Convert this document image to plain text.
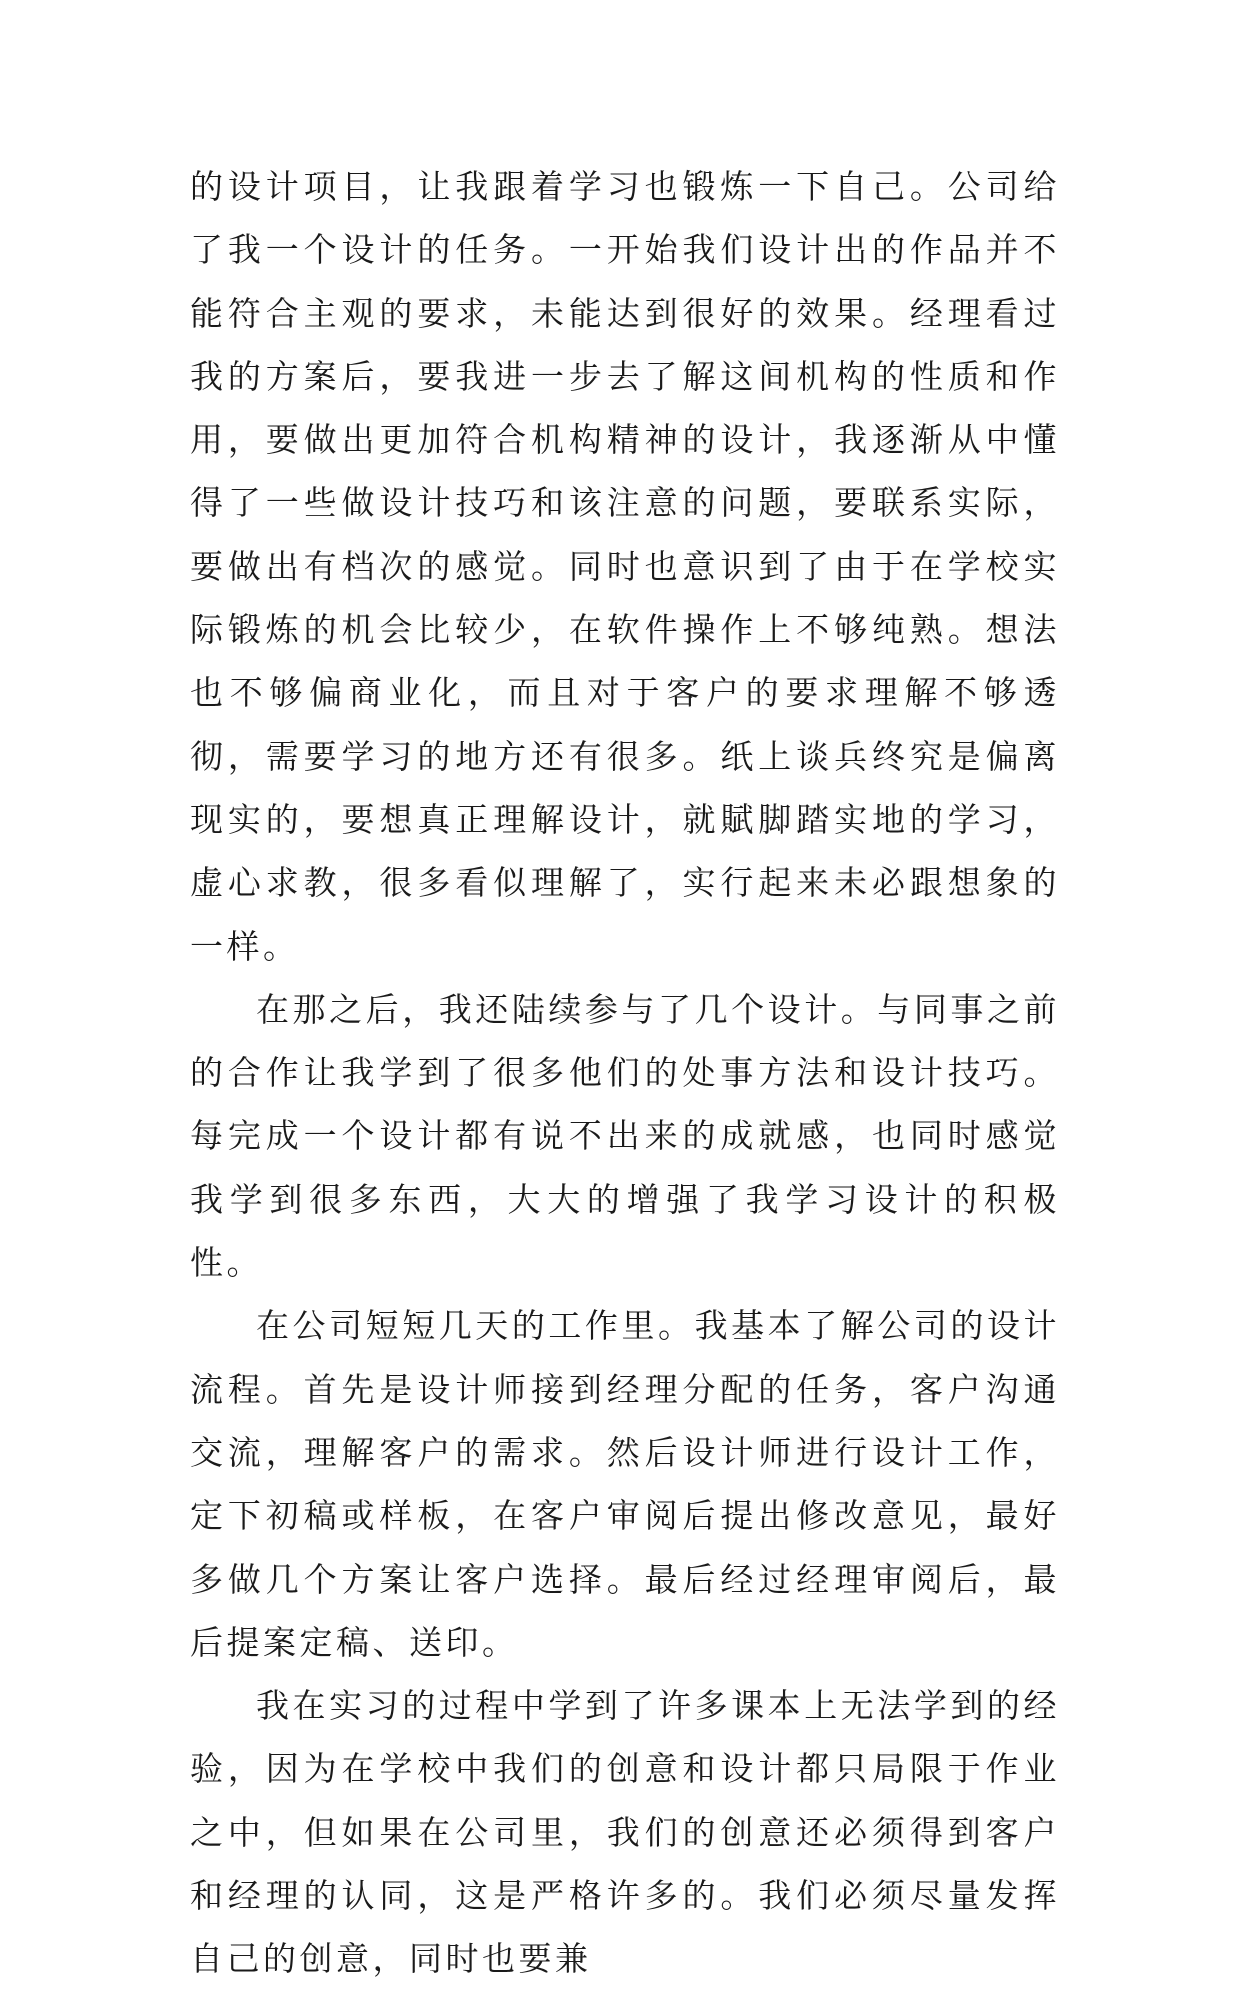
的设计项目，让我跟着学习也锻炼一下自己。公司给了我一个设计的任务。一开始我们设计出的作品并不能符合主观的要求，未能达到很好的效果。经理看过我的方案后，要我进一步去了解这间机构的性质和作用，要做出更加符合机构精神的设计，我逐渐从中懂得了一些做设计技巧和该注意的问题，要联系实际，要做出有档次的感觉。同时也意识到了由于在学校实际锻炼的机会比较少，在软件操作上不够纯熟。想法也不够偏商业化，而且对于客户的要求理解不够透彻，需要学习的地方还有很多。纸上谈兵终究是偏离现实的，要想真正理解设计，就賦脚踏实地的学习，虚心求教，很多看似理解了，实行起来未必跟想象的一样。

在那之后，我还陆续参与了几个设计。与同事之前的合作让我学到了很多他们的处事方法和设计技巧。每完成一个设计都有说不出来的成就感，也同时感觉我学到很多东西，大大的增强了我学习设计的积极性。

在公司短短几天的工作里。我基本了解公司的设计流程。首先是设计师接到经理分配的任务，客户沟通交流，理解客户的需求。然后设计师进行设计工作，定下初稿或样板，在客户审阅后提出修改意见，最好多做几个方案让客户选择。最后经过经理审阅后，最后提案定稿、送印。

我在实习的过程中学到了许多课本上无法学到的经验，因为在学校中我们的创意和设计都只局限于作业之中，但如果在公司里，我们的创意还必须得到客户和经理的认同，这是严格许多的。我们必须尽量发挥自己的创意，同时也要兼
